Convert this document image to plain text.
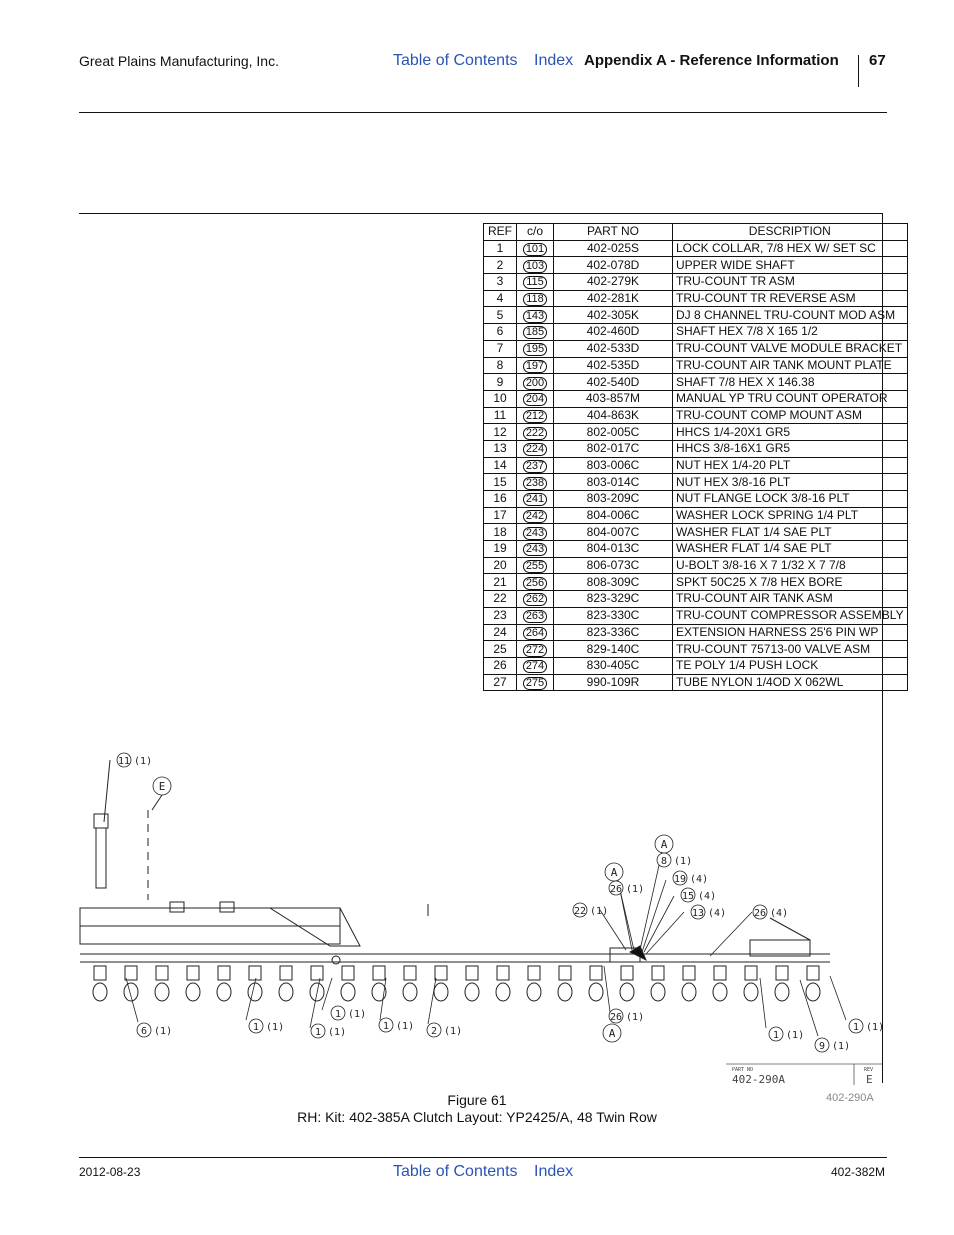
Great Plains Manufacturing, Inc.	Table of Contents Index Appendix A - Reference Information 67
REF	c/o	PART NO	DESCRIPTION
1	101	402-025S	LOCK COLLAR, 7/8 HEX W/ SET SC
2	103	402-078D	UPPER WIDE SHAFT
3	115	402-279K	TRU-COUNT TR ASM
4	118	402-281K	TRU-COUNT TR REVERSE ASM
5	143	402-305K	DJ 8 CHANNEL TRU-COUNT MOD ASM
6	185	402-460D	SHAFT HEX 7/8 X 165 1/2
7	195	402-533D	TRU-COUNT VALVE MODULE BRACKET
8	197	402-535D	TRU-COUNT AIR TANK MOUNT PLATE
9	200	402-540D	SHAFT 7/8 HEX X 146.38
10	204	403-857M	MANUAL YP TRU COUNT OPERATOR
11	212	404-863K	TRU-COUNT COMP MOUNT ASM
12	222	802-005C	HHCS 1/4-20X1 GR5
13	224	802-017C	HHCS 3/8-16X1 GR5
14	237	803-006C	NUT HEX 1/4-20 PLT
15	238	803-014C	NUT HEX 3/8-16 PLT
16	241	803-209C	NUT FLANGE LOCK 3/8-16 PLT
17	242	804-006C	WASHER LOCK SPRING 1/4 PLT
18	243	804-007C	WASHER FLAT 1/4 SAE PLT
19	243	804-013C	WASHER FLAT 1/4 SAE PLT
20	255	806-073C	U-BOLT 3/8-16 X 7 1/32 X 7 7/8
21	256	808-309C	SPKT 50C25 X 7/8 HEX BORE
22	262	823-329C	TRU-COUNT AIR TANK ASM
23	263	823-330C	TRU-COUNT COMPRESSOR ASSEMBLY
24	264	823-336C	EXTENSION HARNESS 25'6 PIN WP
25	272	829-140C	TRU-COUNT 75713-00 VALVE ASM
26	274	830-405C	TE POLY 1/4 PUSH LOCK
27	275	990-109R	TUBE NYLON 1/4OD X 062WL
E
A
A
A
11 (1)
8 (1)
26 (1)
19 (4)
15 (4)
22 (1)	13 (4)	26 (4)
6 (1)	1 (1)
1 (1)
1 (1)
1 (1) 2 (1)
26 (1)
1 (1)
9 (1)
1 (1)
PART NO
402-290A
REV
E
Figure 61
RH: Kit: 402-385A Clutch Layout: YP2425/A, 48 Twin Row
402-290A
2012-08-23	Table of Contents Index	402-382M
